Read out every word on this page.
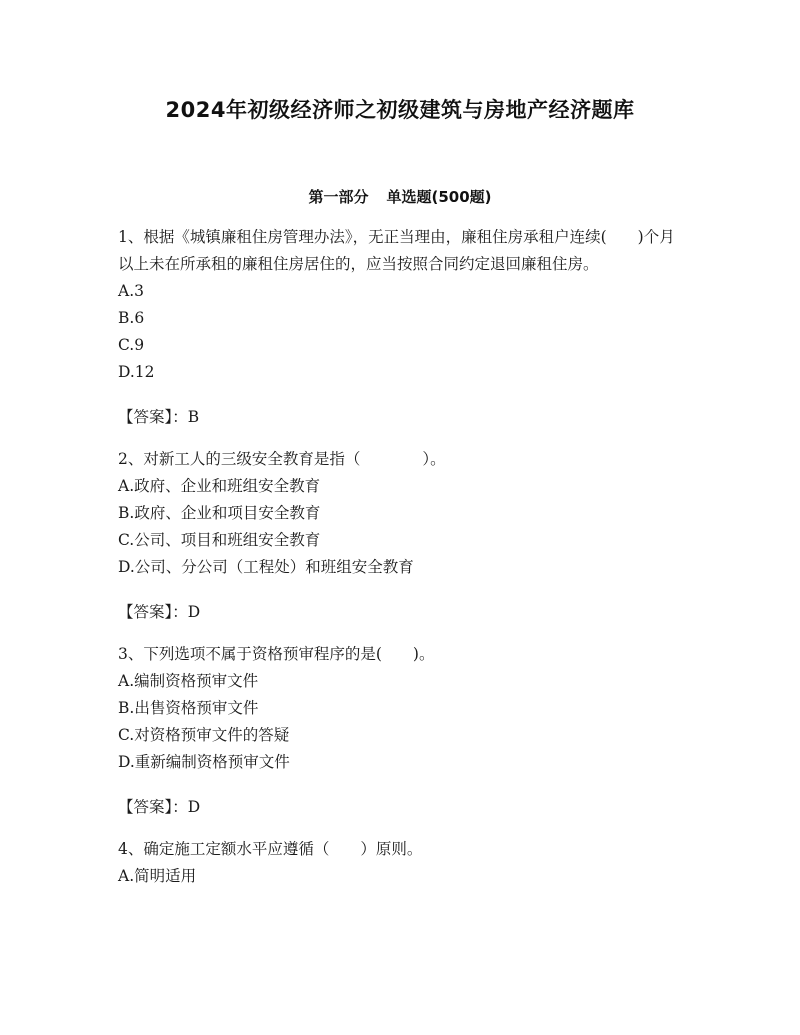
2024年初级经济师之初级建筑与房地产经济题库
第一部分 单选题(500题)

1、根据《城镇廉租住房管理办法》，无正当理由，廉租住房承租户连续(　　)个月以上未在所承租的廉租住房居住的，应当按照合同约定退回廉租住房。

A.3

B.6

C.9

D.12

【答案】：B

2、对新工人的三级安全教育是指（　　　　）。

A.政府、企业和班组安全教育

B.政府、企业和项目安全教育

C.公司、项目和班组安全教育

D.公司、分公司（工程处）和班组安全教育

【答案】：D

3、下列选项不属于资格预审程序的是(　　)。

A.编制资格预审文件

B.出售资格预审文件

C.对资格预审文件的答疑

D.重新编制资格预审文件

【答案】：D

4、确定施工定额水平应遵循（　　）原则。

A.简明适用
